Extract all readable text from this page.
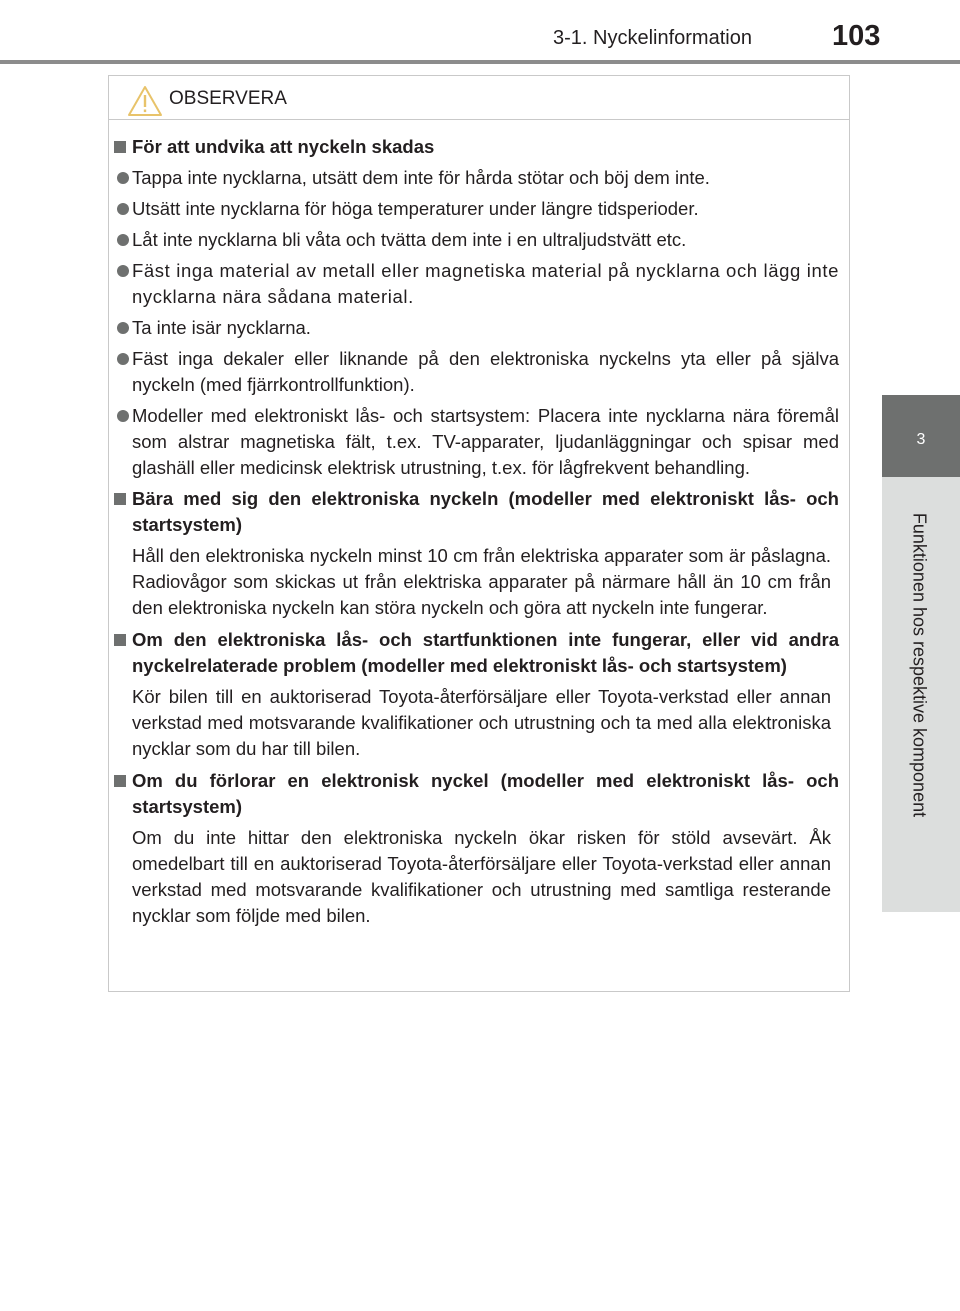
3-1. Nyckelinformation	103
3
Funktionen hos respektive komponent
OBSERVERA
För att undvika att nyckeln skadas
Tappa inte nycklarna, utsätt dem inte för hårda stötar och böj dem inte.
Utsätt inte nycklarna för höga temperaturer under längre tidsperioder.
Låt inte nycklarna bli våta och tvätta dem inte i en ultraljudstvätt etc.
Fäst inga material av metall eller magnetiska material på nycklarna och lägg inte nycklarna nära sådana material.
Ta inte isär nycklarna.
Fäst inga dekaler eller liknande på den elektroniska nyckelns yta eller på själva nyckeln (med fjärrkontrollfunktion).
Modeller med elektroniskt lås- och startsystem: Placera inte nycklarna nära föremål som alstrar magnetiska fält, t.ex. TV-apparater, ljudanläggningar och spisar med glashäll eller medicinsk elektrisk utrustning, t.ex. för lågfrekvent behandling.
Bära med sig den elektroniska nyckeln (modeller med elektroniskt lås- och startsystem)
Håll den elektroniska nyckeln minst 10 cm från elektriska apparater som är påslagna. Radiovågor som skickas ut från elektriska apparater på närmare håll än 10 cm från den elektroniska nyckeln kan störa nyckeln och göra att nyckeln inte fungerar.
Om den elektroniska lås- och startfunktionen inte fungerar, eller vid andra nyckelrelaterade problem (modeller med elektroniskt lås- och startsystem)
Kör bilen till en auktoriserad Toyota-återförsäljare eller Toyota-verkstad eller annan verkstad med motsvarande kvalifikationer och utrustning och ta med alla elektroniska nycklar som du har till bilen.
Om du förlorar en elektronisk nyckel (modeller med elektroniskt lås- och startsystem)
Om du inte hittar den elektroniska nyckeln ökar risken för stöld avsevärt. Åk omedelbart till en auktoriserad Toyota-återförsäljare eller Toyota-verkstad eller annan verkstad med motsvarande kvalifikationer och utrustning med samtliga resterande nycklar som följde med bilen.
